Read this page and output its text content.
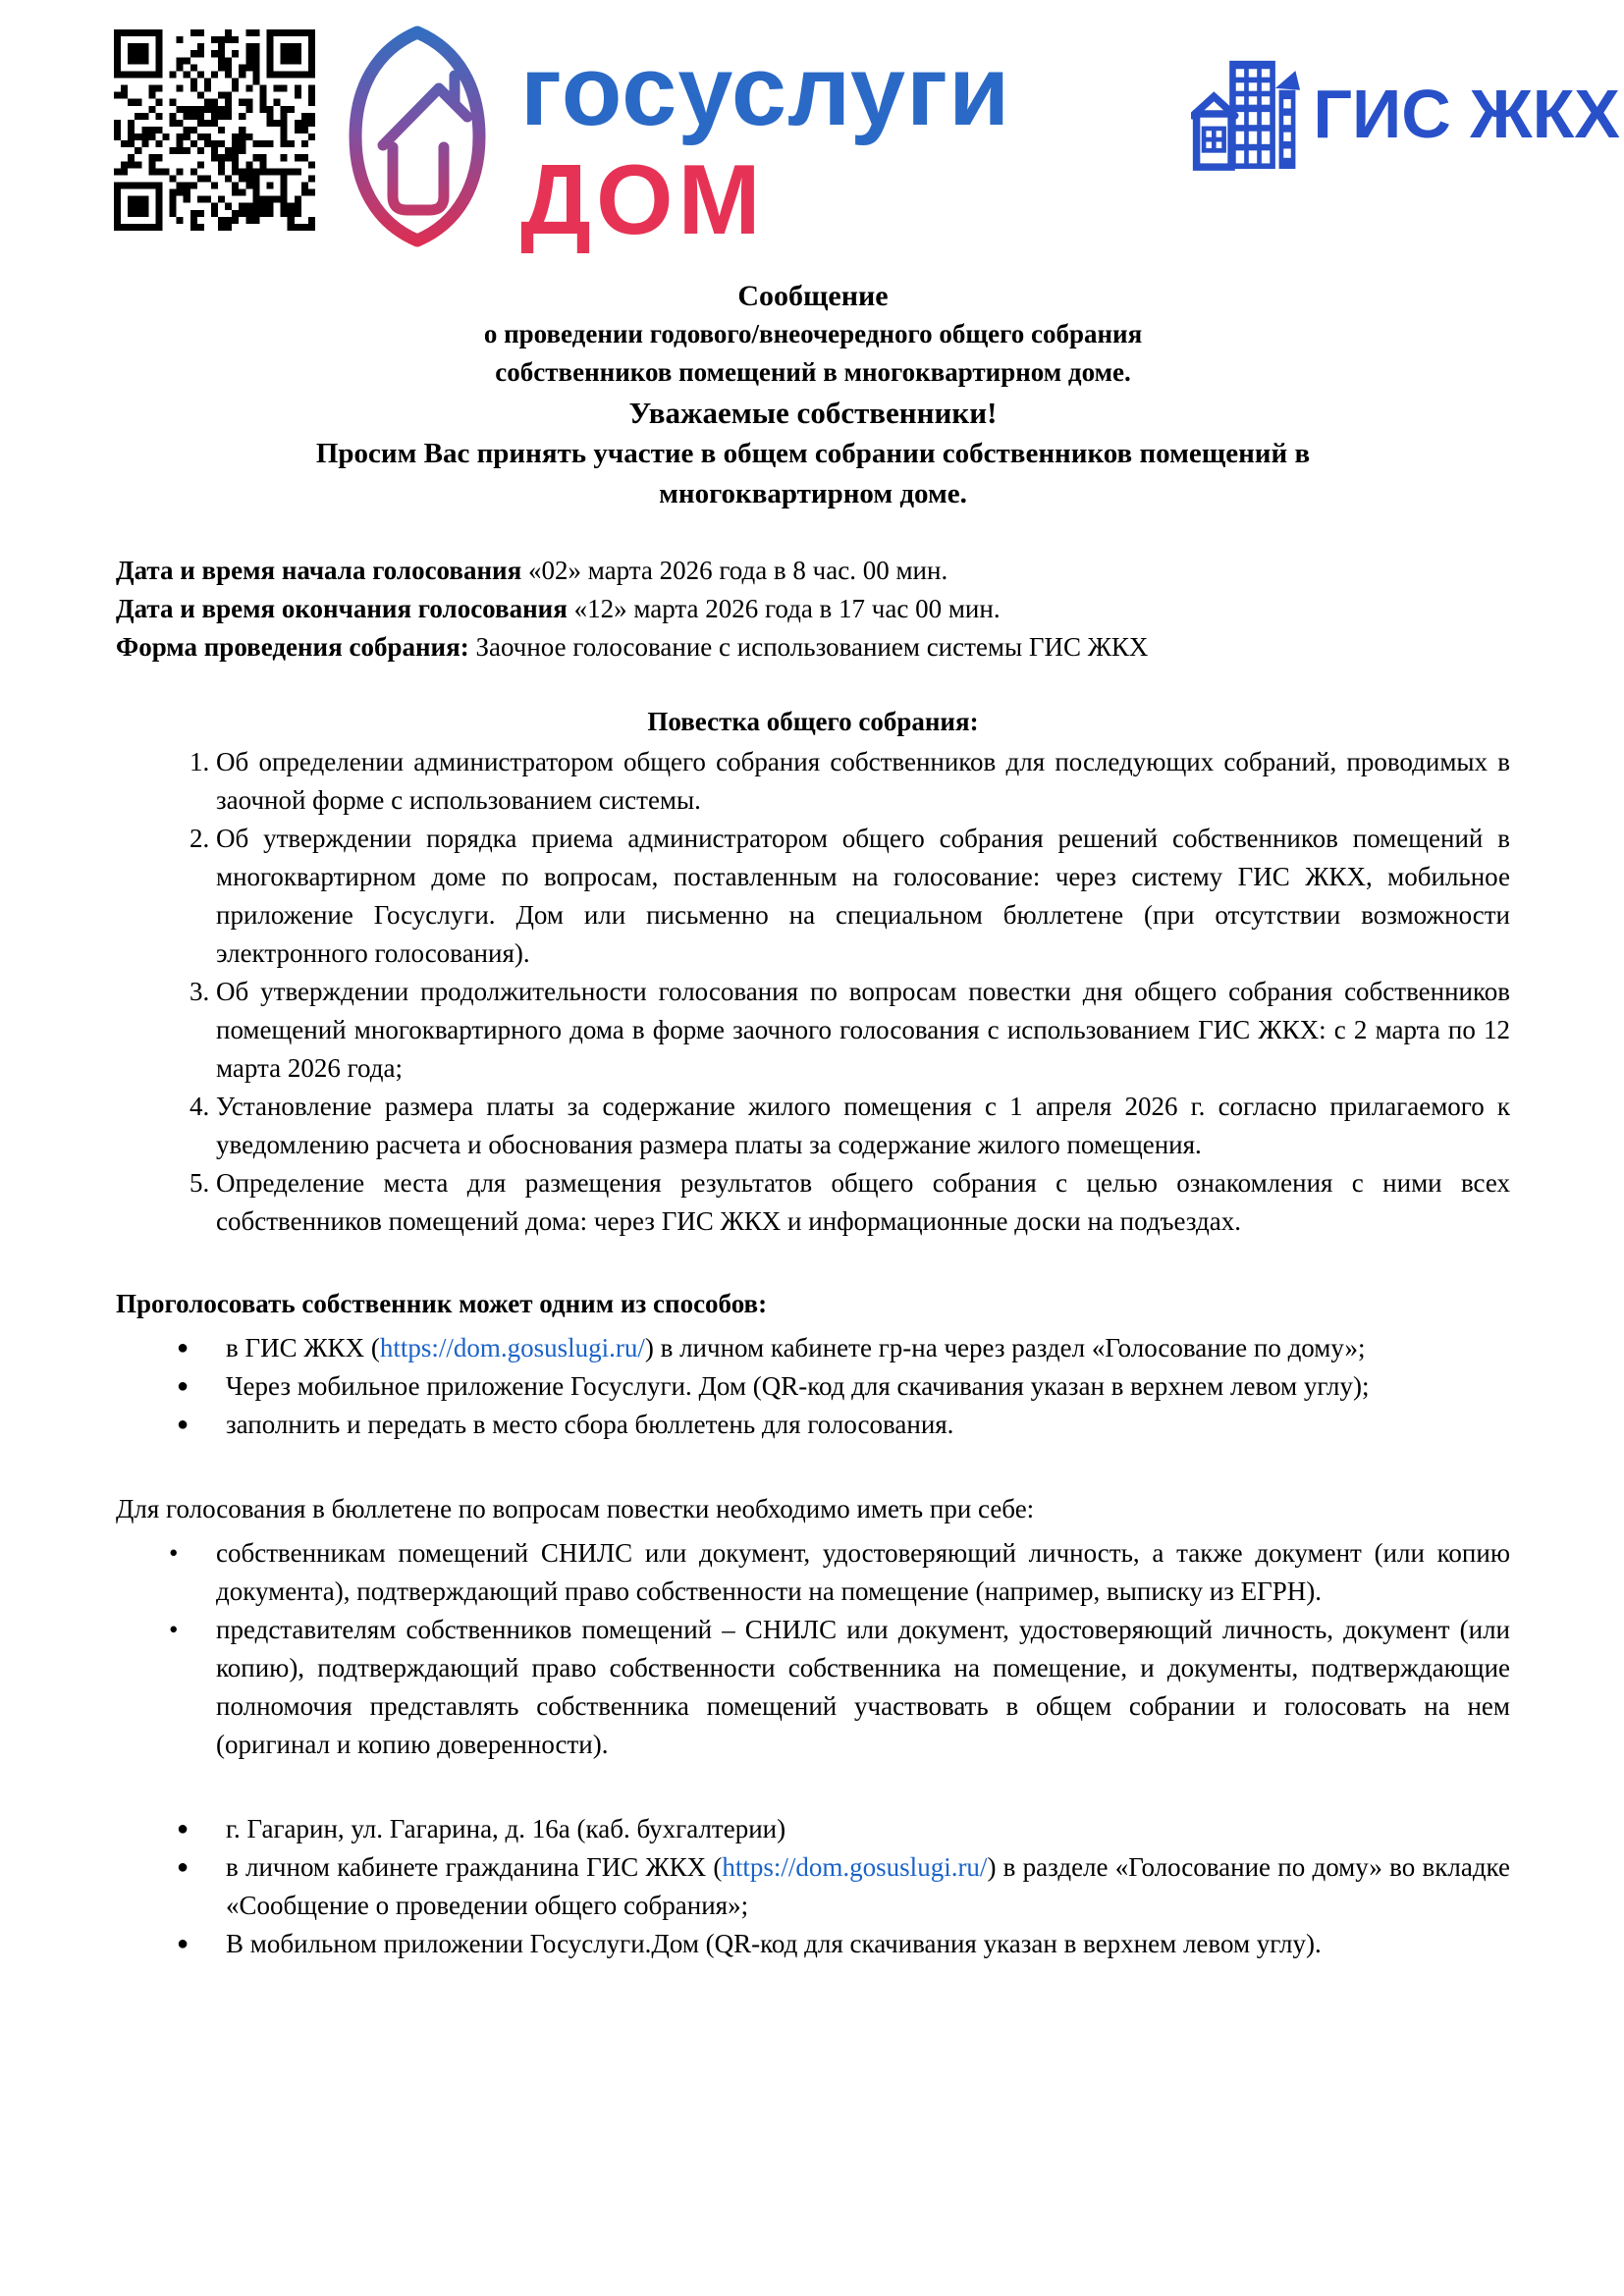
госуслуги
ДОМ
ГИС ЖКХ

Сообщение

о проведении годового/внеочередного общего собрания

собственников помещений в многоквартирном доме.

Уважаемые собственники!

Просим Вас принять участие в общем собрании собственников помещений в многоквартирном доме.

Дата и время начала голосования «02» марта 2026 года в 8 час. 00 мин.

Дата и время окончания голосования «12» марта 2026 года в 17 час 00 мин.

Форма проведения собрания: Заочное голосование с использованием системы ГИС ЖКХ

Повестка общего собрания:
1. Об определении администратором общего собрания собственников для последующих собраний, проводимых в заочной форме с использованием системы.
2. Об утверждении порядка приема администратором общего собрания решений собственников помещений в многоквартирном доме по вопросам, поставленным на голосование: через систему ГИС ЖКХ, мобильное приложение Госуслуги. Дом или письменно на специальном бюллетене (при отсутствии возможности электронного голосования).
3. Об утверждении продолжительности голосования по вопросам повестки дня общего собрания собственников помещений многоквартирного дома в форме заочного голосования с использованием ГИС ЖКХ: с 2 марта по 12 марта 2026 года;
4. Установление размера платы за содержание жилого помещения с 1 апреля 2026 г. согласно прилагаемого к уведомлению расчета и обоснования размера платы за содержание жилого помещения.
5. Определение места для размещения результатов общего собрания с целью ознакомления с ними всех собственников помещений дома: через ГИС ЖКХ и информационные доски на подъездах.

Проголосовать собственник может одним из способов:

● в ГИС ЖКХ (https://dom.gosuslugi.ru/) в личном кабинете гр-на через раздел «Голосование по дому»;
● Через мобильное приложение Госуслуги. Дом (QR-код для скачивания указан в верхнем левом углу);
● заполнить и передать в место сбора бюллетень для голосования.

Для голосования в бюллетене по вопросам повестки необходимо иметь при себе:

• собственникам помещений СНИЛС или документ, удостоверяющий личность, а также документ (или копию документа), подтверждающий право собственности на помещение (например, выписку из ЕГРН).
• представителям собственников помещений – СНИЛС или документ, удостоверяющий личность, документ (или копию), подтверждающий право собственности собственника на помещение, и документы, подтверждающие полномочия представлять собственника помещений участвовать в общем собрании и голосовать на нем (оригинал и копию доверенности).
● г. Гагарин, ул. Гагарина, д. 16а (каб. бухгалтерии)
● в личном кабинете гражданина ГИС ЖКХ (https://dom.gosuslugi.ru/) в разделе «Голосование по дому» во вкладке «Сообщение о проведении общего собрания»;
● В мобильном приложении Госуслуги.Дом (QR-код для скачивания указан в верхнем левом углу).
